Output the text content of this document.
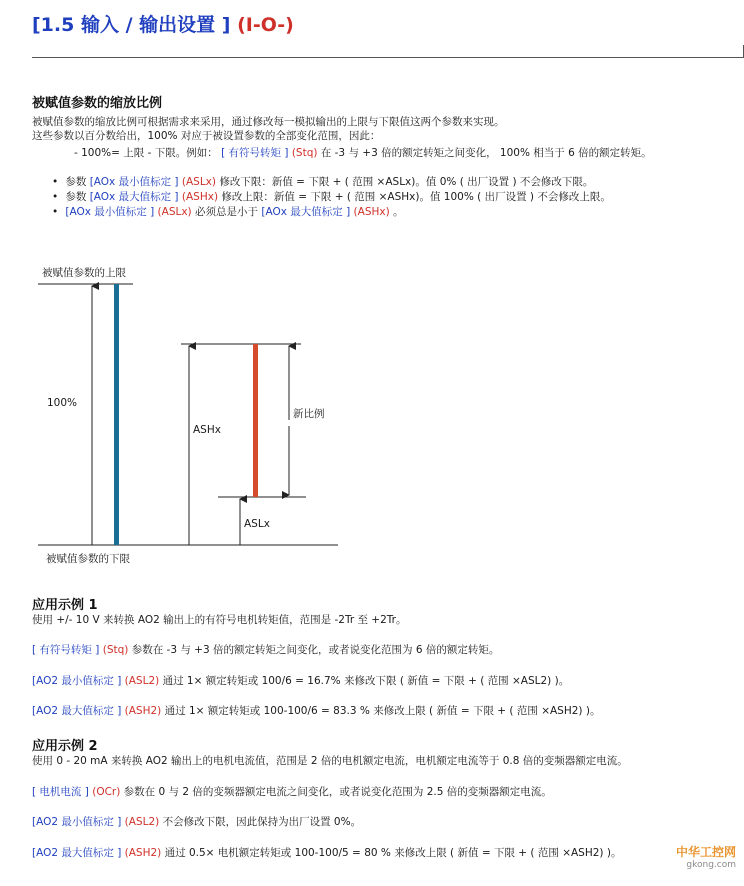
[1.5 输入 / 输出设置 ] (I-O-)
被赋值参数的缩放比例
被赋值参数的缩放比例可根据需求来采用，通过修改每一模拟输出的上限与下限值这两个参数来实现。
这些参数以百分数给出，100% 对应于被设置参数的全部变化范围，因此：
- 100%= 上限 - 下限。例如： [ 有符号转矩 ] (Stq) 在 -3 与 +3 倍的额定转矩之间变化， 100% 相当于 6 倍的额定转矩。
• 参数 [AOx 最小值标定 ] (ASLx) 修改下限：新值 = 下限 + ( 范围 ×ASLx)。值 0% ( 出厂设置 ) 不会修改下限。
• 参数 [AOx 最大值标定 ] (ASHx) 修改上限：新值 = 下限 + ( 范围 ×ASHx)。值 100% ( 出厂设置 ) 不会修改上限。
• [AOx 最小值标定 ] (ASLx) 必须总是小于 [AOx 最大值标定 ] (ASHx) 。
被赋值参数的上限
被赋值参数的下限
100%
ASHx
ASLx
新比例
应用示例 1
使用 +/- 10 V 来转换 AO2 输出上的有符号电机转矩值，范围是 -2Tr 至 +2Tr。
[ 有符号转矩 ] (Stq) 参数在 -3 与 +3 倍的额定转矩之间变化，或者说变化范围为 6 倍的额定转矩。
[AO2 最小值标定 ] (ASL2) 通过 1× 额定转矩或 100/6 = 16.7% 来修改下限 ( 新值 = 下限 + ( 范围 ×ASL2) )。
[AO2 最大值标定 ] (ASH2) 通过 1× 额定转矩或 100-100/6 = 83.3 % 来修改上限 ( 新值 = 下限 + ( 范围 ×ASH2) )。
应用示例 2
使用 0 - 20 mA 来转换 AO2 输出上的电机电流值，范围是 2 倍的电机额定电流，电机额定电流等于 0.8 倍的变频器额定电流。
[ 电机电流 ] (OCr) 参数在 0 与 2 倍的变频器额定电流之间变化，或者说变化范围为 2.5 倍的变频器额定电流。
[AO2 最小值标定 ] (ASL2) 不会修改下限，因此保持为出厂设置 0%。
[AO2 最大值标定 ] (ASH2) 通过 0.5× 电机额定转矩或 100-100/5 = 80 % 来修改上限 ( 新值 = 下限 + ( 范围 ×ASH2) )。	中华工控网
gkong.com
